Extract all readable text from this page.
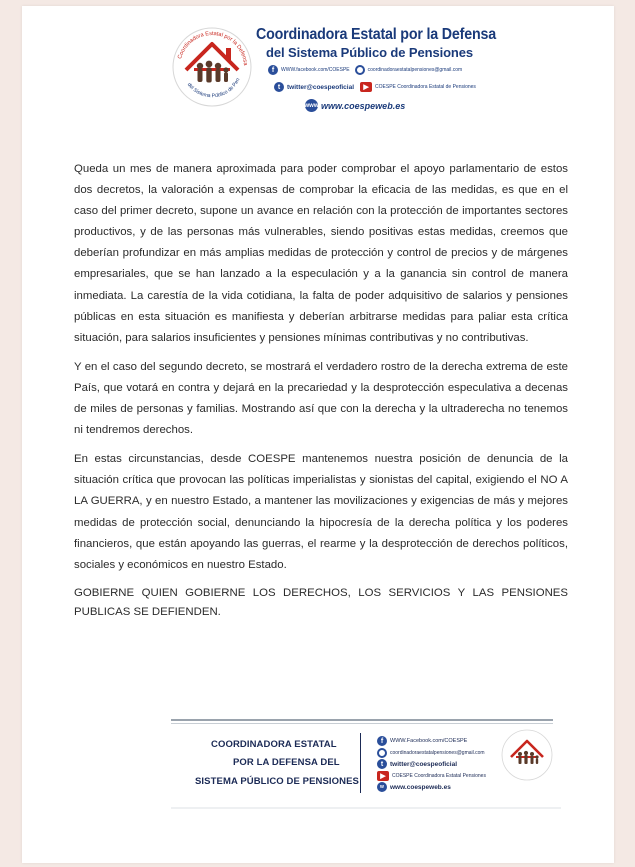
Coordinadora Estatal por la Defensa
del Sistema Público de Pen
Coordinadora Estatal por la Defensa
del Sistema Público de Pensiones
f	WWW.facebook.com/COESPE	coordinadoraestatalpensiones@gmail.com
t	twitter@coespeoficial	▶	COESPE Coordinadora Estatal de Pensiones
www www.coespeweb.es

Queda un mes de manera aproximada para poder comprobar el apoyo parlamentario de estos dos decretos, la valoración a expensas de comprobar la eficacia de las medidas, es que en el caso del primer decreto, supone un avance en relación con la protección de importantes sectores productivos, y de las personas más vulnerables, siendo positivas estas medidas, creemos que deberían profundizar en más amplias medidas de protección y control de precios y de márgenes empresariales, que se han lanzado a la especulación y a la ganancia sin control de manera inmediata. La carestía de la vida cotidiana, la falta de poder adquisitivo de salarios y pensiones públicas en esta situación es manifiesta y deberían arbitrarse medidas para paliar esta crítica situación, para salarios insuficientes y pensiones mínimas contributivas y no contributivas.

Y en el caso del segundo decreto, se mostrará el verdadero rostro de la derecha extrema de este País, que votará en contra y dejará en la precariedad y la desprotección especulativa a decenas de miles de personas y familias. Mostrando así que con la derecha y la ultraderecha no tenemos ni tendremos derechos.

En estas circunstancias, desde COESPE mantenemos nuestra posición de denuncia de la situación crítica que provocan las políticas imperialistas y sionistas del capital, exigiendo el NO A LA GUERRA, y en nuestro Estado, a mantener las movilizaciones y exigencias de más y mejores medidas de protección social, denunciando la hipocresía de la derecha política y los poderes financieros, que están apoyando las guerras, el rearme y la desprotección de derechos políticos, sociales y económicos en nuestro Estado.

GOBIERNE QUIEN GOBIERNE LOS DERECHOS, LOS SERVICIOS Y LAS PENSIONES PUBLICAS SE DEFIENDEN.

COORDINADORA ESTATAL
POR LA DEFENSA DEL
SISTEMA PÚBLICO DE PENSIONES
f	WWW.Facebook.com/COESPE
coordinadoraestatalpensiones@gmail.com
t	twitter@coespeoficial
▶	COESPE Coordinadora Estatal Pensiones
w www.coespeweb.es
